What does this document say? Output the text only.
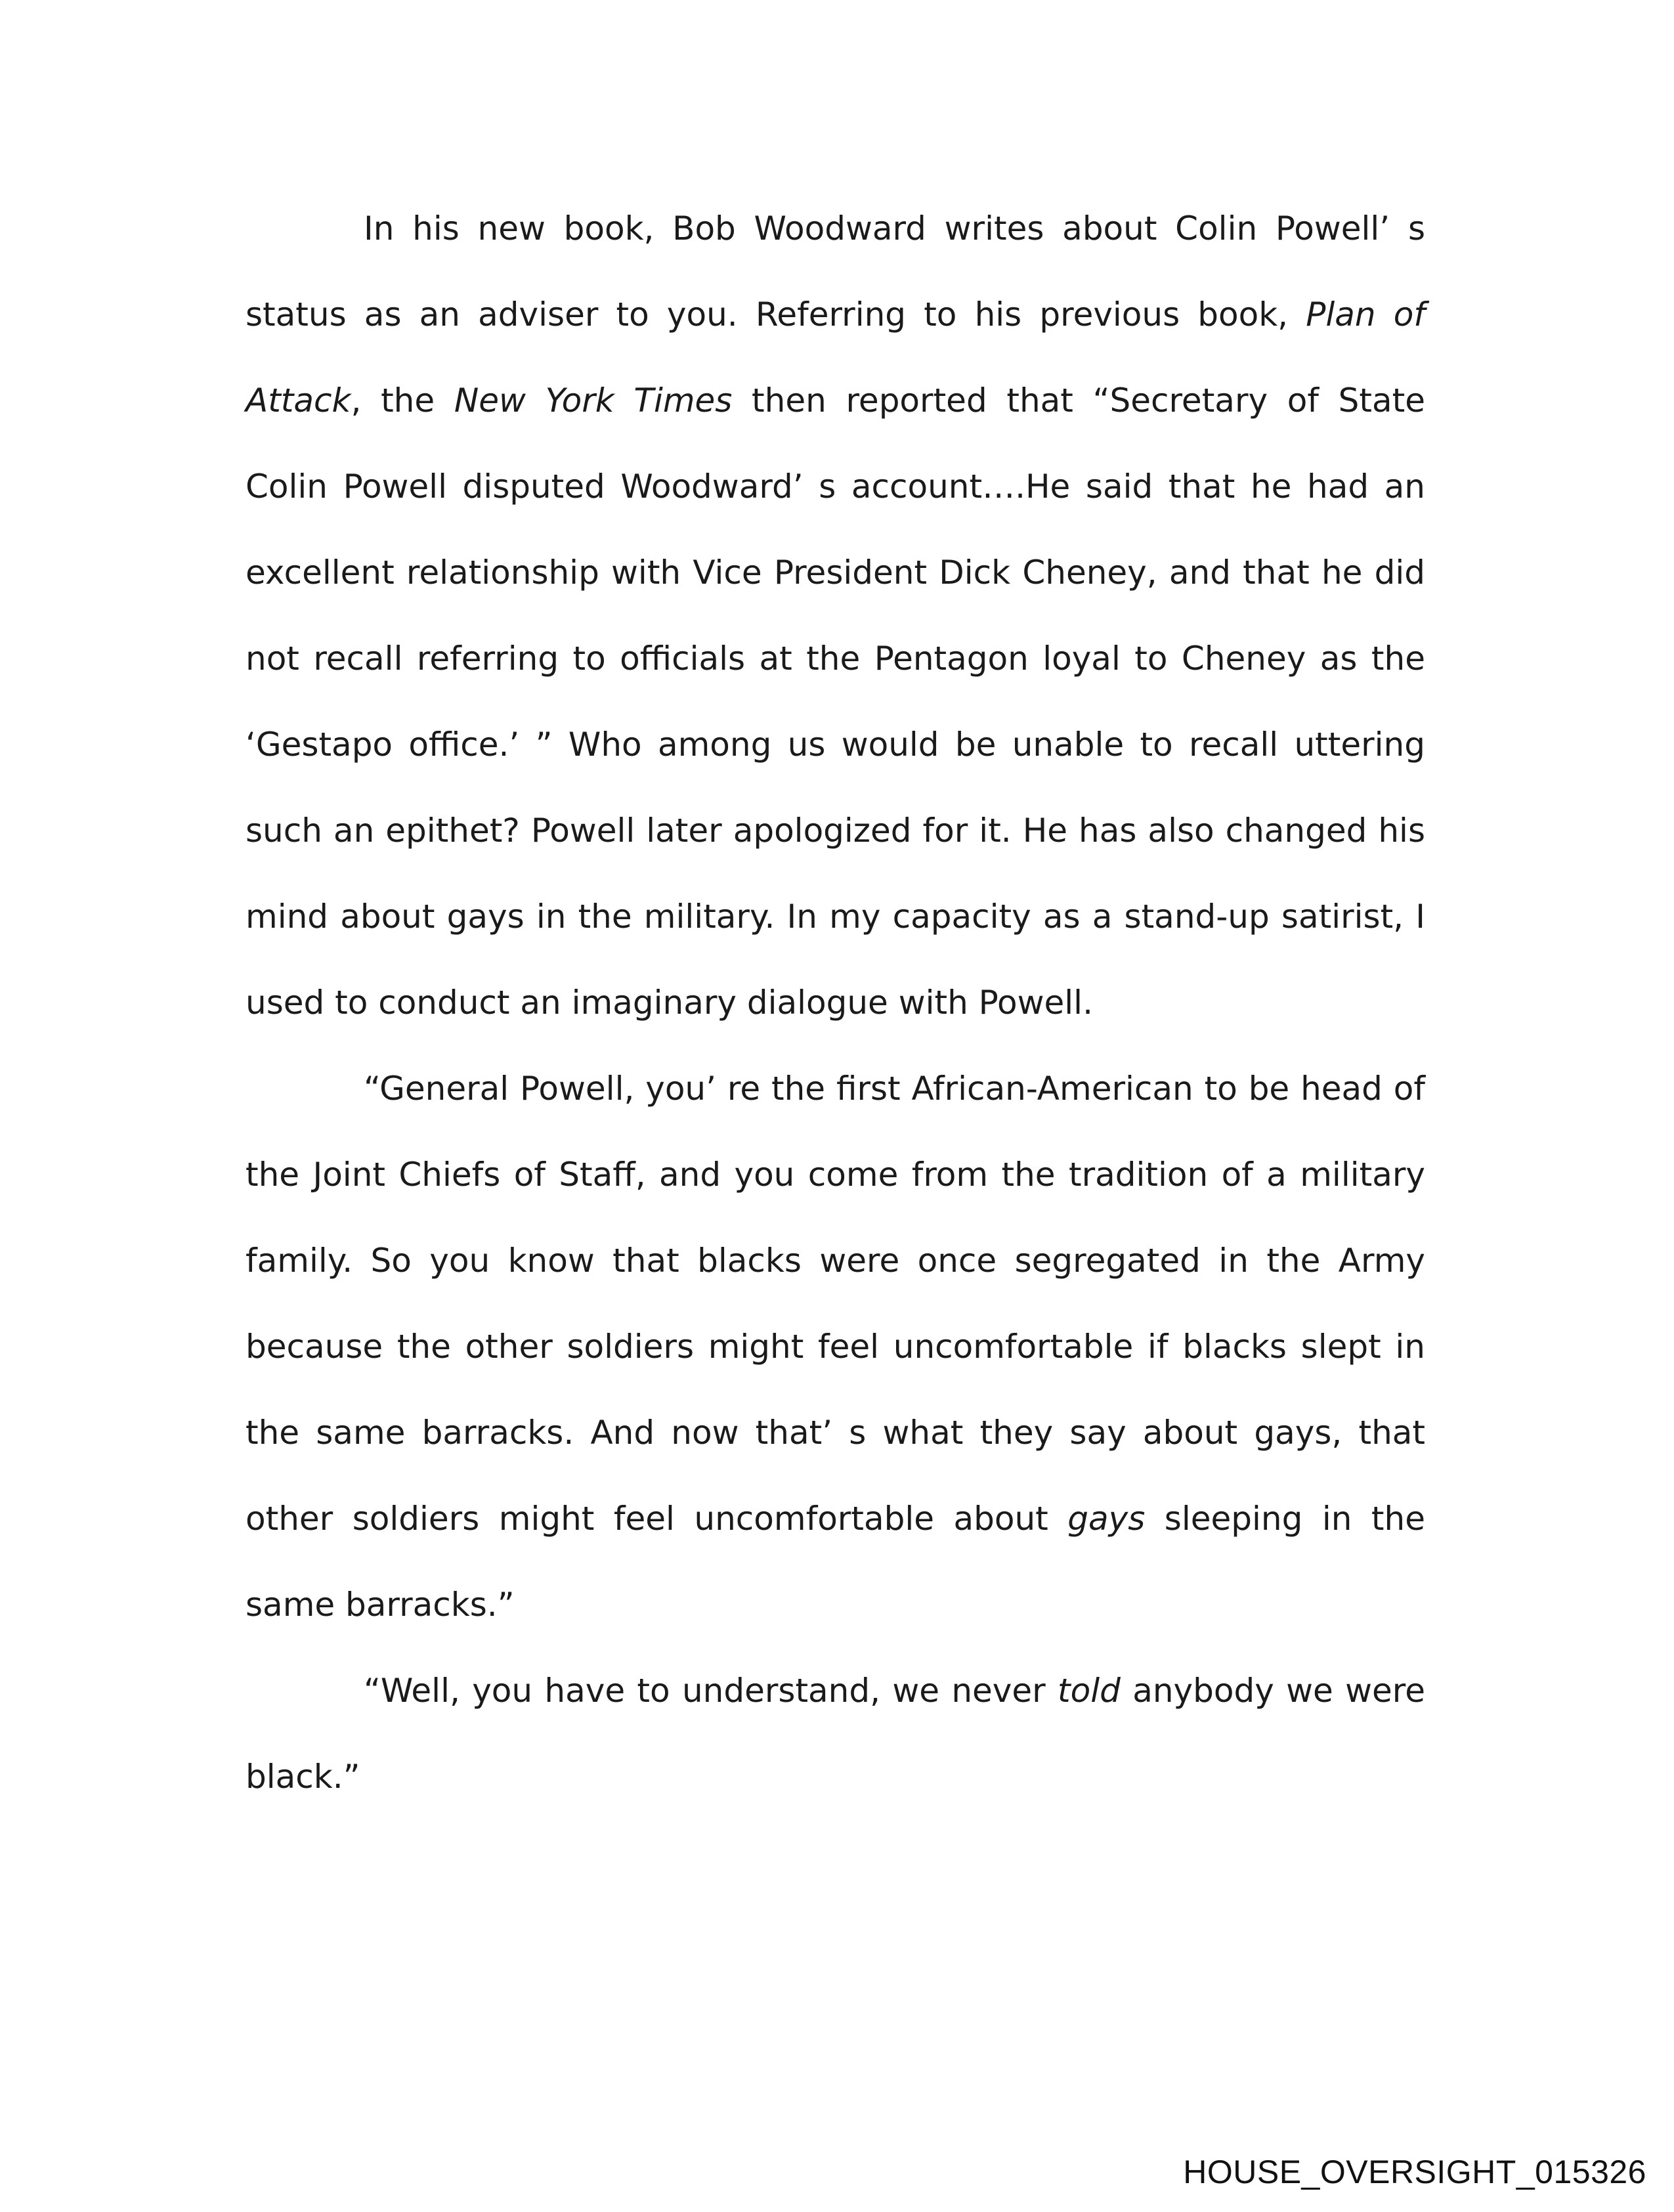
In his new book, Bob Woodward writes about Colin Powell’ s status as an adviser to you. Referring to his previous book, Plan of Attack, the New York Times then reported that “Secretary of State Colin Powell disputed Woodward’ s account….He said that he had an excellent relationship with Vice President Dick Cheney, and that he did not recall referring to officials at the Pentagon loyal to Cheney as the ‘Gestapo office.’ ” Who among us would be unable to recall uttering such an epithet? Powell later apologized for it. He has also changed his mind about gays in the military. In my capacity as a stand-up satirist, I used to conduct an imaginary dialogue with Powell.

“General Powell, you’ re the first African-American to be head of the Joint Chiefs of Staff, and you come from the tradition of a military family. So you know that blacks were once segregated in the Army because the other soldiers might feel uncomfortable if blacks slept in the same barracks. And now that’ s what they say about gays, that other soldiers might feel uncomfortable about gays sleeping in the same barracks.”

“Well, you have to understand, we never told anybody we were black.”

HOUSE_OVERSIGHT_015326
